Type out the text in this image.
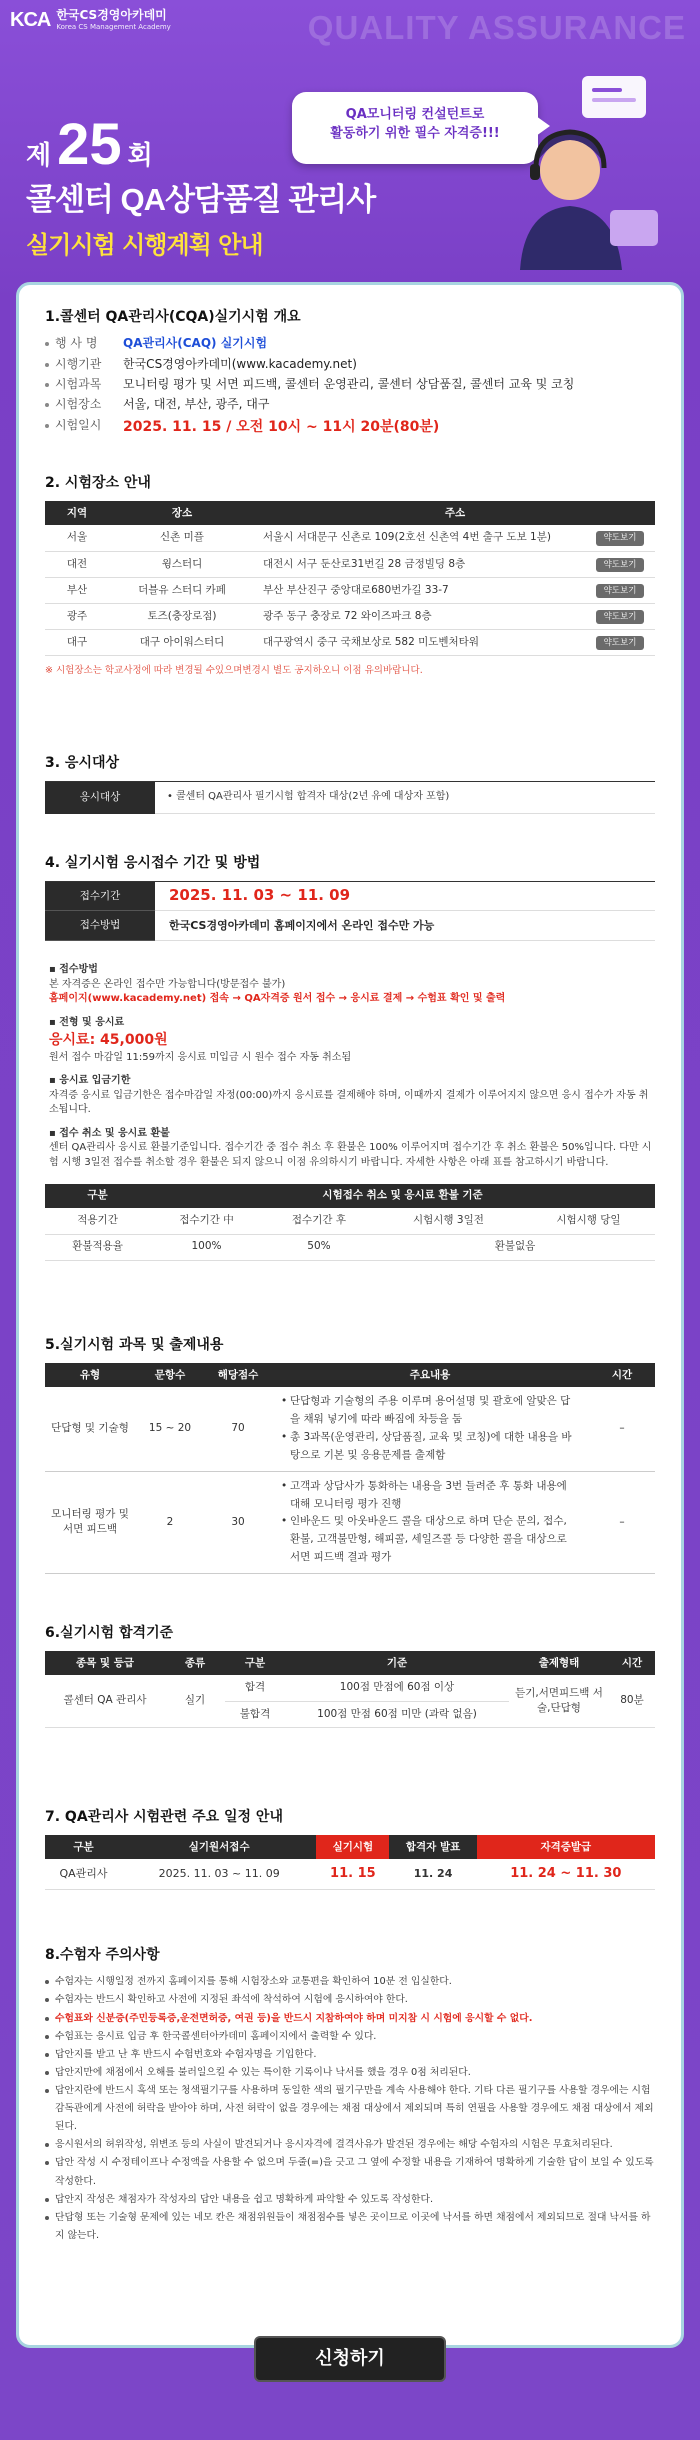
QUALITY ASSURANCE
KCA 한국CS경영아카데미
Korea CS Management Academy
QA모니터링 컨설턴트로
활동하기 위한 필수 자격증!!!
제 25 회
콜센터 QA상담품질 관리사
실기시험 시행계획 안내
1.콜센터 QA관리사(CQA)실기시험 개요
행 사 명	QA관리사(CAQ) 실기시험
시행기관	한국CS경영아카데미(www.kacademy.net)
시험과목	모니터링 평가 및 서면 피드백, 콜센터 운영관리, 콜센터 상담품질, 콜센터 교육 및 코칭
시험장소	서울, 대전, 부산, 광주, 대구
시험일시	2025. 11. 15 / 오전 10시 ~ 11시 20분(80분)
2. 시험장소 안내
지역	장소	주소	
서울	신촌 미플	서울시 서대문구 신촌로 109(2호선 신촌역 4번 출구 도보 1분)	약도보기
대전	윙스터디	대전시 서구 둔산로31번길 28 금정빌딩 8층	약도보기
부산	더블유 스터디 카페	부산 부산진구 중앙대로680번가길 33-7	약도보기
광주	토즈(충장로점)	광주 동구 충장로 72 와이즈파크 8층	약도보기
대구	대구 아이워스터디	대구광역시 중구 국채보상로 582 미도벤처타워	약도보기
※ 시험장소는 학교사정에 따라 변경될 수있으며변경시 별도 공지하오니 이점 유의바랍니다.
3. 응시대상
응시대상	• 콜센터 QA관리사 필기시험 합격자 대상(2년 유예 대상자 포함)
4. 실기시험 응시접수 기간 및 방법
접수기간	2025. 11. 03 ~ 11. 09
접수방법	한국CS경영아카데미 홈페이지에서 온라인 접수만 가능
▪ 접수방법
본 자격증은 온라인 접수만 가능합니다(방문접수 불가)
홈페이지(www.kacademy.net) 접속 → QA자격증 원서 접수 → 응시료 결제 → 수험표 확인 및 출력
▪ 전형 및 응시료
응시료: 45,000원
원서 접수 마감일 11:59까지 응시료 미입금 시 원수 접수 자동 취소됨
▪ 응시료 입금기한
자격증 응시료 입금기한은 접수마감일 자정(00:00)까지 응시료를 결제해야 하며, 이때까지 결제가 이루어지지 않으면 응시 접수가 자동 취소됩니다.
▪ 접수 취소 및 응시료 환불
센터 QA관리사 응시료 환불기준입니다. 접수기간 중 접수 취소 후 환불은 100% 이루어지며 접수기간 후 취소 환불은 50%입니다. 다만 시험 시행 3일전 접수를 취소할 경우 환불은 되지 않으니 이점 유의하시기 바랍니다. 자세한 사항은 아래 표를 참고하시기 바랍니다.
구분	시험접수 취소 및 응시료 환불 기준			
적용기간	접수기간 中	접수기간 후	시험시행 3일전	시험시행 당일
환불적용율	100%	50%	환불없음	
5.실기시험 과목 및 출제내용
유형	문항수	해당점수	주요내용	시간
단답형 및 기술형	15 ~ 20	70	• 단답형과 기술형의 주용 이루며 용어설명 및 괄호에 알맞은 답을 채워 넣기에 따라 빠짐에 차등을 둠
• 총 3과목(운영관리, 상담품질, 교육 및 코칭)에 대한 내용을 바탕으로 기본 및 응용문제를 출제함	–
모니터링 평가 및 서면 피드백	2	30	• 고객과 상담사가 통화하는 내용을 3번 들려준 후 통화 내용에 대해 모니터링 평가 진행
• 인바운드 및 아웃바운드 콜을 대상으로 하며 단순 문의, 접수, 환불, 고객불만형, 해피콜, 세일즈콜 등 다양한 콜을 대상으로 서면 피드백 결과 평가	–
6.실기시험 합격기준
종목 및 등급	종류	구분	기준	출제형태	시간
콜센터 QA 관리사	실기	합격	100점 만점에 60점 이상	듣기,서면피드백 서술,단답형	80분
		불합격	100점 만점 60점 미만 (과락 없음)		
7. QA관리사 시험관련 주요 일정 안내
구분	실기원서접수	실기시험	합격자 발표	자격증발급
QA관리사	2025. 11. 03 ~ 11. 09	11. 15	11. 24	11. 24 ~ 11. 30
8.수험자 주의사항
수험자는 시행일정 전까지 홈페이지를 통해 시험장소와 교통편을 확인하여 10분 전 입실한다.
수험자는 반드시 확인하고 사전에 지정된 좌석에 착석하여 시험에 응시하여야 한다.
수험표와 신분증(주민등록증,운전면허증, 여권 등)을 반드시 지참하여야 하며 미지참 시 시험에 응시할 수 없다.
수험표는 응시료 입금 후 한국콜센터아카데미 홈페이지에서 출력할 수 있다.
답안지를 받고 난 후 반드시 수험번호와 수험자명을 기입한다.
답안지만에 채점에서 오해를 불러일으킬 수 있는 특이한 기록이나 낙서를 했을 경우 0점 처리된다.
답안지란에 반드시 흑색 또는 청색필기구를 사용하며 동일한 색의 필기구만을 계속 사용해야 한다. 기타 다른 필기구를 사용할 경우에는 시험감독관에게 사전에 허락을 받아야 하며, 사전 허락이 없을 경우에는 채점 대상에서 제외되며 특히 연필을 사용할 경우에도 채점 대상에서 제외된다.
응시원서의 허위작성, 위변조 등의 사실이 발견되거나 응시자격에 결격사유가 발견된 경우에는 해당 수험자의 시험은 무효처리된다.
답안 작성 시 수정테이프나 수정액을 사용할 수 없으며 두줄(=)을 긋고 그 옆에 수정할 내용을 기재하여 명확하게 기술한 답이 보일 수 있도록 작성한다.
답안지 작성은 채점자가 작성자의 답안 내용을 쉽고 명확하게 파악할 수 있도록 작성한다.
단답형 또는 기술형 문제에 있는 네모 칸은 채점위원들이 채점점수를 넣은 곳이므로 이곳에 낙서를 하면 채점에서 제외되므로 절대 낙서를 하지 않는다.
신청하기
